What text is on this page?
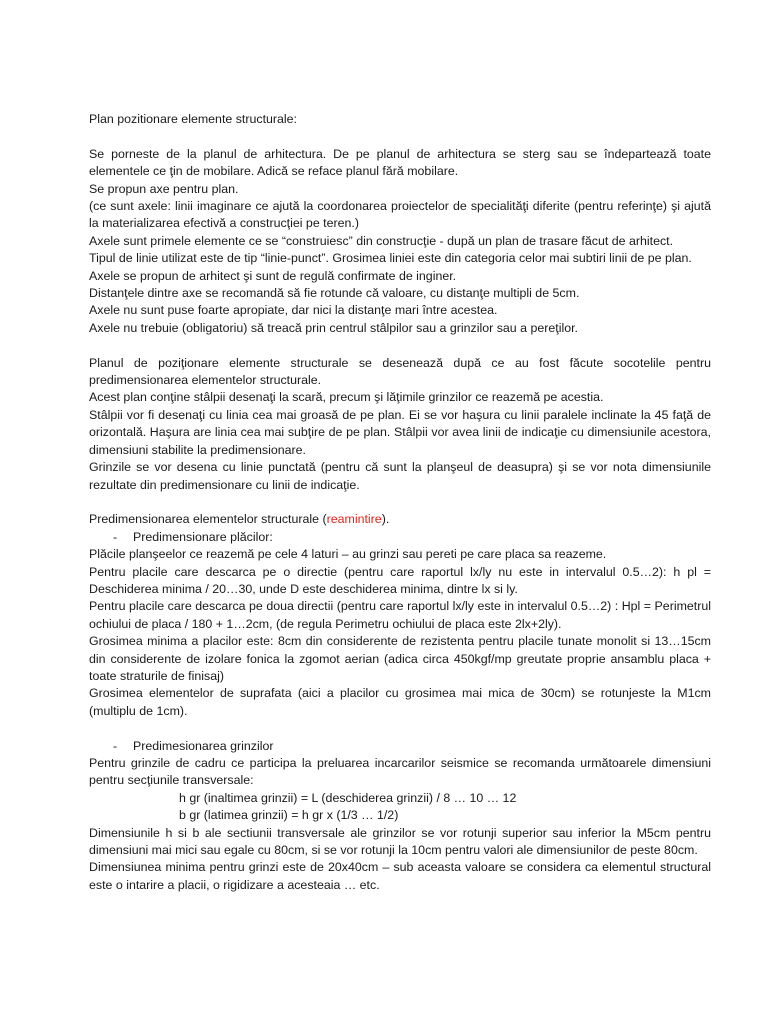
Plan pozitionare elemente structurale:

Se porneste de la planul de arhitectura. De pe planul de arhitectura se sterg sau se îndepartează toate elementele ce ţin de mobilare. Adică se reface planul fără mobilare.

Se propun axe pentru plan.

(ce sunt axele: linii imaginare ce ajută la coordonarea proiectelor de specialităţi diferite (pentru referinţe) şi ajută la materializarea efectivă a construcţiei pe teren.)

Axele sunt primele elemente ce se “construiesc” din construcţie - după un plan de trasare făcut de arhitect.

Tipul de linie utilizat este de tip “linie-punct”. Grosimea liniei este din categoria celor mai subtiri linii de pe plan.

Axele se propun de arhitect şi sunt de regulă confirmate de inginer.

Distanţele dintre axe se recomandă să fie rotunde că valoare, cu distanţe multipli de 5cm.

Axele nu sunt puse foarte apropiate, dar nici la distanţe mari între acestea.

Axele nu trebuie (obligatoriu) să treacă prin centrul stâlpilor sau a grinzilor sau a pereţilor.

Planul de poziţionare elemente structurale se desenează după ce au fost făcute socotelile pentru predimensionarea elementelor structurale.

Acest plan conţine stâlpii desenaţi la scară, precum şi lăţimile grinzilor ce reazemă pe acestia.

Stâlpii vor fi desenaţi cu linia cea mai groasă de pe plan. Ei se vor haşura cu linii paralele inclinate la 45 faţă de orizontală. Haşura are linia cea mai subţire de pe plan. Stâlpii vor avea linii de indicaţie cu dimensiunile acestora, dimensiuni stabilite la predimensionare.

Grinzile se vor desena cu linie punctată (pentru că sunt la planşeul de deasupra) şi se vor nota dimensiunile rezultate din predimensionare cu linii de indicaţie.

Predimensionarea elementelor structurale (reamintire).

- Predimensionare plăcilor:

Plăcile planşeelor ce reazemă pe cele 4 laturi – au grinzi sau pereti pe care placa sa reazeme.

Pentru placile care descarca pe o directie (pentru care raportul lx/ly nu este in intervalul 0.5…2): h pl = Deschiderea minima / 20…30, unde D este deschiderea minima, dintre lx si ly.

Pentru placile care descarca pe doua directii (pentru care raportul lx/ly este in intervalul 0.5…2) : Hpl = Perimetrul ochiului de placa / 180 + 1…2cm, (de regula Perimetru ochiului de placa este 2lx+2ly).

Grosimea minima a placilor este: 8cm din considerente de rezistenta pentru placile tunate monolit si 13…15cm din considerente de izolare fonica la zgomot aerian (adica circa 450kgf/mp greutate proprie ansamblu placa + toate straturile de finisaj)

Grosimea elementelor de suprafata (aici a placilor cu grosimea mai mica de 30cm) se rotunjeste la M1cm (multiplu de 1cm).

- Predimesionarea grinzilor

Pentru grinzile de cadru ce participa la preluarea incarcarilor seismice se recomanda următoarele dimensiuni pentru secţiunile transversale:

h gr (inaltimea grinzii) = L (deschiderea grinzii) / 8 … 10 … 12

b gr (latimea grinzii) = h gr x (1/3 … 1/2)

Dimensiunile h si b ale sectiunii transversale ale grinzilor se vor rotunji superior sau inferior la M5cm pentru dimensiuni mai mici sau egale cu 80cm, si se vor rotunji la 10cm pentru valori ale dimensiunilor de peste 80cm.

Dimensiunea minima pentru grinzi este de 20x40cm – sub aceasta valoare se considera ca elementul structural este o intarire a placii, o rigidizare a acesteaia … etc.
